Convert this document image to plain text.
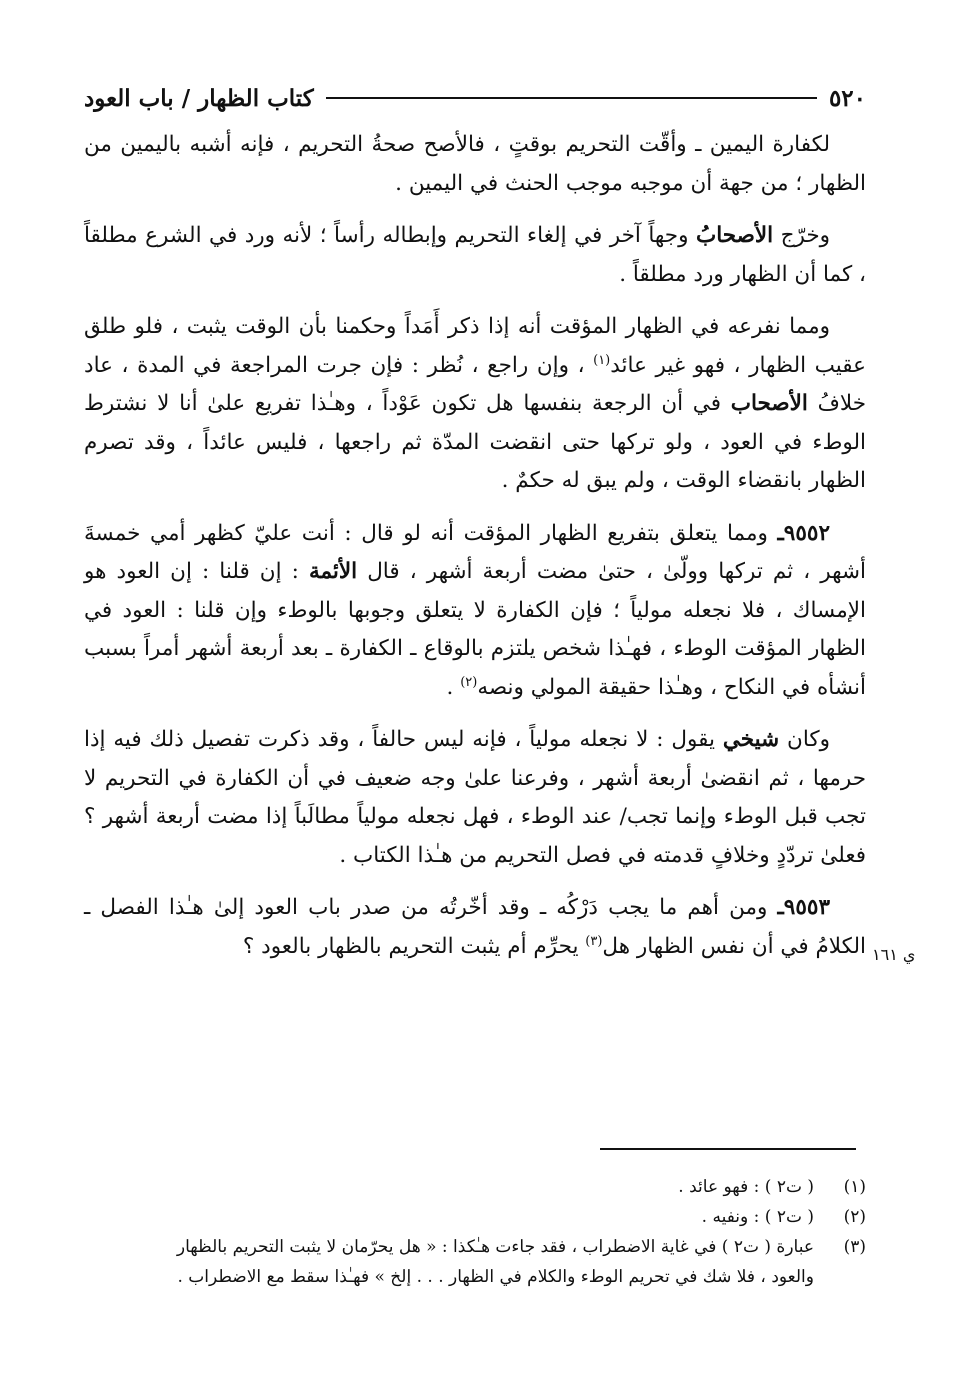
٥٢٠
كتاب الظهار / باب العود

لكفارة اليمين ـ وأقّت التحريم بوقتٍ ، فالأصح صحةُ التحريم ، فإنه أشبه باليمين من الظهار ؛ من جهة أن موجبه موجب الحنث في اليمين .

وخرّج الأصحابُ وجهاً آخر في إلغاء التحريم وإبطاله رأساً ؛ لأنه ورد في الشرع مطلقاً ، كما أن الظهار ورد مطلقاً .

ومما نفرعه في الظهار المؤقت أنه إذا ذكر أَمَداً وحكمنا بأن الوقت يثبت ، فلو طلق عقيب الظهار ، فهو غير عائد$^{(١)}$ ، وإن راجع ، نُظر : فإن جرت المراجعة في المدة ، عاد خلافُ الأصحاب في أن الرجعة بنفسها هل تكون عَوْداً ، وهـٰذا تفريع علىٰ أنا لا نشترط الوطء في العود ، ولو تركها حتى انقضت المدّة ثم راجعها ، فليس عائداً ، وقد تصرم الظهار بانقضاء الوقت ، ولم يبق له حكمٌ .

٩٥٥٢ـ ومما يتعلق بتفريع الظهار المؤقت أنه لو قال : أنت عليّ كظهر أمي خمسةَ أشهر ، ثم تركها وولّىٰ ، حتىٰ مضت أربعة أشهر ، قال الأئمة : إن قلنا : إن العود هو الإمساك ، فلا نجعله مولياً ؛ فإن الكفارة لا يتعلق وجوبها بالوطء وإن قلنا : العود في الظهار المؤقت الوطء ، فهـٰذا شخص يلتزم بالوقاع ـ الكفارة ـ بعد أربعة أشهر أمراً بسبب أنشأه في النكاح ، وهـٰذا حقيقة المولي ونصه$^{(٢)}$ .

وكان شيخي يقول : لا نجعله مولياً ، فإنه ليس حالفاً ، وقد ذكرت تفصيل ذلك فيه إذا حرمها ، ثم انقضىٰ أربعة أشهر ، وفرعنا علىٰ وجه ضعيف في أن الكفارة في التحريم لا تجب قبل الوطء وإنما تجب/ عند الوطء ، فهل نجعله مولياً مطالَباً إذا مضت أربعة أشهر ؟ فعلىٰ تردّدٍ وخلافٍ قدمته في فصل التحريم من هـٰذا الكتاب .

٩٥٥٣ـ ومن أهم ما يجب دَرْكُه ـ وقد أخّرتُه من صدر باب العود إلىٰ هـٰذا الفصل ـ الكلامُ في أن نفس الظهار هل$^{(٣)}$ يحرِّم أم يثبت التحريم بالظهار بالعود ؟	ي ١٦١

(١)( ت٢ ) : فهو عائد .

(٢)( ت٢ ) : ونفيه .

(٣)عبارة ( ت٢ ) في غاية الاضطراب ، فقد جاءت هـٰكذا : « هل يحرّمان لا يثبت التحريم بالظهار

والعود ، فلا شك في تحريم الوطء والكلام في الظهار . . . إلخ » فهـٰذا سقط مع الاضطراب .
